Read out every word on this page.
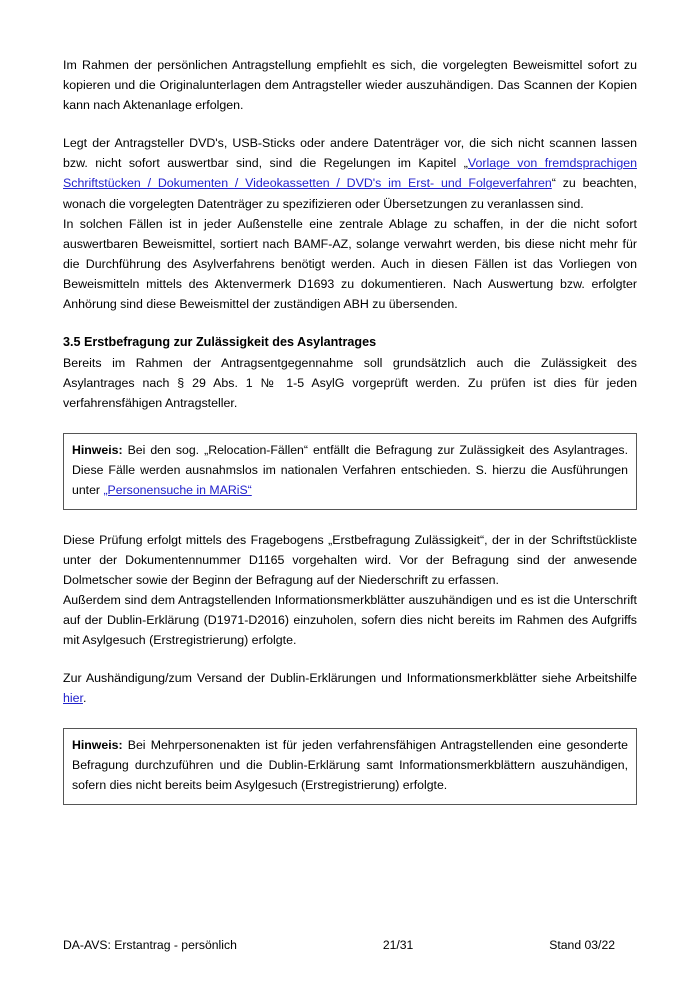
Im Rahmen der persönlichen Antragstellung empfiehlt es sich, die vorgelegten Beweismittel sofort zu kopieren und die Originalunterlagen dem Antragsteller wieder auszuhändigen. Das Scannen der Kopien kann nach Aktenanlage erfolgen.

Legt der Antragsteller DVD's, USB-Sticks oder andere Datenträger vor, die sich nicht scannen lassen bzw. nicht sofort auswertbar sind, sind die Regelungen im Kapitel „Vorlage von fremdsprachigen Schriftstücken / Dokumenten / Videokassetten / DVD's im Erst- und Folgeverfahren“ zu beachten, wonach die vorgelegten Datenträger zu spezifizieren oder Übersetzungen zu veranlassen sind.

In solchen Fällen ist in jeder Außenstelle eine zentrale Ablage zu schaffen, in der die nicht sofort auswertbaren Beweismittel, sortiert nach BAMF-AZ, solange verwahrt werden, bis diese nicht mehr für die Durchführung des Asylverfahrens benötigt werden. Auch in diesen Fällen ist das Vorliegen von Beweismitteln mittels des Aktenvermerk D1693 zu dokumentieren. Nach Auswertung bzw. erfolgter Anhörung sind diese Beweismittel der zuständigen ABH zu übersenden.

3.5 Erstbefragung zur Zulässigkeit des Asylantrages

Bereits im Rahmen der Antragsentgegennahme soll grundsätzlich auch die Zulässigkeit des Asylantrages nach § 29 Abs. 1 № 1-5 AsylG vorgeprüft werden. Zu prüfen ist dies für jeden verfahrensfähigen Antragsteller.

Hinweis: Bei den sog. „Relocation-Fällen“ entfällt die Befragung zur Zulässigkeit des Asylantrages. Diese Fälle werden ausnahmslos im nationalen Verfahren entschieden. S. hierzu die Ausführungen unter „Personensuche in MARiS“

Diese Prüfung erfolgt mittels des Fragebogens „Erstbefragung Zulässigkeit“, der in der Schriftstückliste unter der Dokumentennummer D1165 vorgehalten wird. Vor der Befragung sind der anwesende Dolmetscher sowie der Beginn der Befragung auf der Niederschrift zu erfassen.

Außerdem sind dem Antragstellenden Informationsmerkblätter auszuhändigen und es ist die Unterschrift auf der Dublin-Erklärung (D1971-D2016) einzuholen, sofern dies nicht bereits im Rahmen des Aufgriffs mit Asylgesuch (Erstregistrierung) erfolgte.

Zur Aushändigung/zum Versand der Dublin-Erklärungen und Informationsmerkblätter siehe Arbeitshilfe hier.

Hinweis: Bei Mehrpersonenakten ist für jeden verfahrensfähigen Antragstellenden eine gesonderte Befragung durchzuführen und die Dublin-Erklärung samt Informationsmerkblättern auszuhändigen, sofern dies nicht bereits beim Asylgesuch (Erstregistrierung) erfolgte.

DA-AVS: Erstantrag - persönlich	21/31	Stand 03/22
